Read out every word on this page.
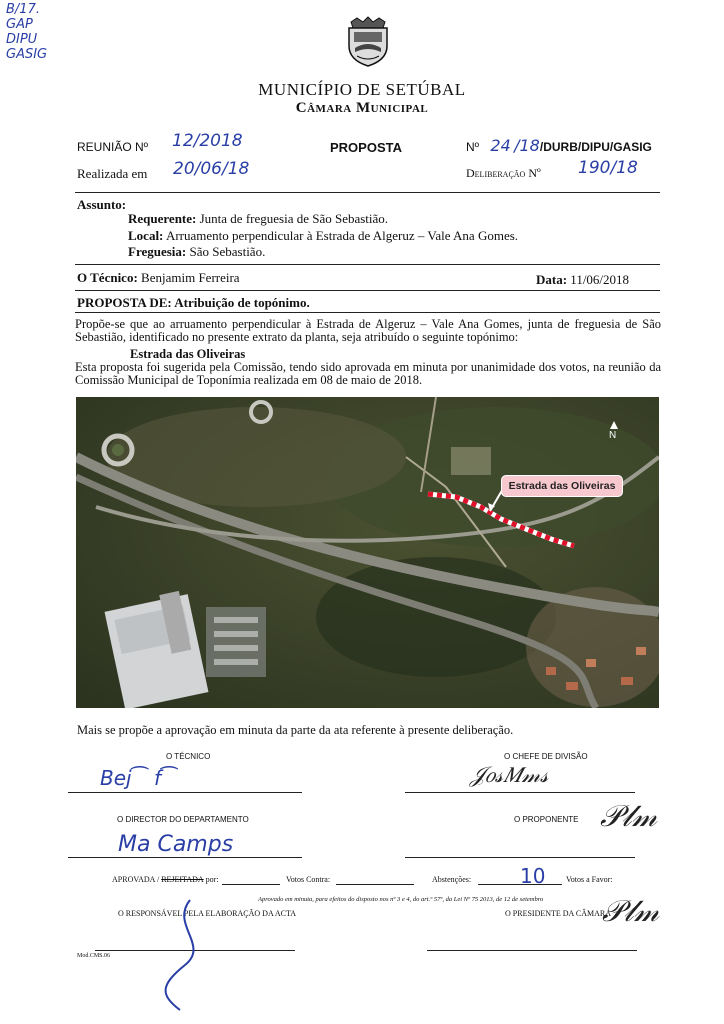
B/17.
GAP
DIPU
GASIG
MUNICÍPIO DE SETÚBAL
Câmara Municipal
REUNIÃO Nº 12/2018
Realizada em 20/06/18
PROPOSTA	Nº 24 /18/DURB/DIPU/GASIG
Deliberação Nº 190/18
Assunto:
Requerente: Junta de freguesia de São Sebastião.
Local: Arruamento perpendicular à Estrada de Algeruz – Vale Ana Gomes.
Freguesia: São Sebastião.
O Técnico: Benjamim Ferreira	Data: 11/06/2018
PROPOSTA DE: Atribuição de topónimo.

Propõe-se que ao arruamento perpendicular à Estrada de Algeruz – Vale Ana Gomes, junta de freguesia de São Sebastião, identificado no presente extrato da planta, seja atribuído o seguinte topónimo:

Estrada das Oliveiras

Esta proposta foi sugerida pela Comissão, tendo sido aprovada em minuta por unanimidade dos votos, na reunião da Comissão Municipal de Toponímia realizada em 08 de maio de 2018.

Estrada das Oliveiras
N
Mais se propõe a aprovação em minuta da parte da ata referente à presente deliberação.
O TÉCNICO
Bej⁀ f⁀
O CHEFE DE DIVISÃO
𝒥𝑜𝓈𝑀𝓂𝓈
O DIRECTOR DO DEPARTAMENTO
Ma Camps
O PROPONENTE 𝒫𝓁𝓂
APROVADA / REJEITADA por:	Votos Contra:	Abstenções: 10	Votos a Favor:
Aprovado em minuta, para efeitos do disposto nos nº 3 e 4, do art.º 57º, da Lei Nº 75 2013, de 12 de setembro
O RESPONSÁVEL PELA ELABORAÇÃO DA ACTA	O PRESIDENTE DA CÂMARA
𝒫𝓁𝓂
Mod.CMS.06
